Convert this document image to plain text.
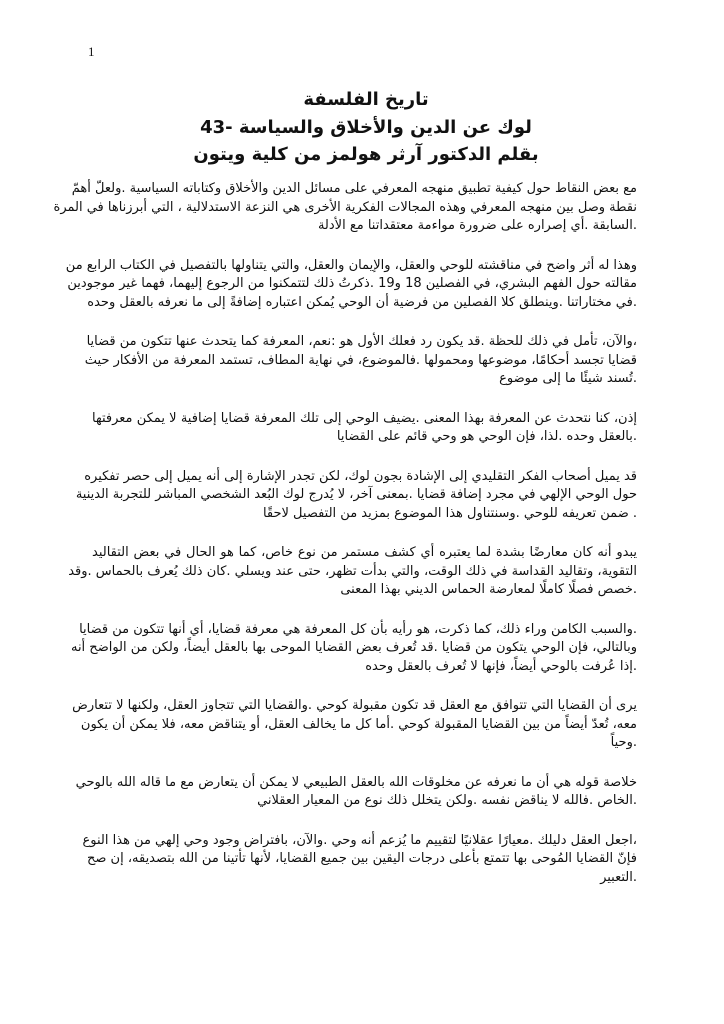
1
تاريخ الفلسفة
لوك عن الدين والأخلاق والسياسة -43
بقلم الدكتور آرثر هولمز من كلية ويتون
مع بعض النقاط حول كيفية تطبيق منهجه المعرفي على مسائل الدين والأخلاق وكتاباته السياسية .ولعلّ أهمّ
نقطة وصل بين منهجه المعرفي وهذه المجالات الفكرية الأخرى هي النزعة الاستدلالية ، التي أبرزناها في المرة
.السابقة .أي إصراره على ضرورة مواءمة معتقداتنا مع الأدلة
وهذا له أثر واضح في مناقشته للوحي والعقل، والإيمان والعقل، والتي يتناولها بالتفصيل في الكتاب الرابع من
مقالته حول الفهم البشري، في الفصلين 18 و19 .ذكرتُ ذلك لتتمكنوا من الرجوع إليهما، فهما غير موجودين
.في مختاراتنا .وينطلق كلا الفصلين من فرضية أن الوحي يُمكن اعتباره إضافةً إلى ما نعرفه بالعقل وحده
،والآن، تأمل في ذلك للحظة .قد يكون رد فعلك الأول هو :نعم، المعرفة كما يتحدث عنها تتكون من قضايا
قضايا تجسد أحكامًا، موضوعها ومحمولها .فالموضوع، في نهاية المطاف، تستمد المعرفة من الأفكار حيث
.تُسند شيئًا ما إلى موضوع
إذن، كنا نتحدث عن المعرفة بهذا المعنى .يضيف الوحي إلى تلك المعرفة قضايا إضافية لا يمكن معرفتها
.بالعقل وحده .لذا، فإن الوحي هو وحي قائم على القضايا
قد يميل أصحاب الفكر التقليدي إلى الإشادة بجون لوك، لكن تجدر الإشارة إلى أنه يميل إلى حصر تفكيره
حول الوحي الإلهي في مجرد إضافة قضايا .بمعنى آخر، لا يُدرج لوك البُعد الشخصي المباشر للتجربة الدينية
. ضمن تعريفه للوحي .وسنتناول هذا الموضوع بمزيد من التفصيل لاحقًا
يبدو أنه كان معارضًا بشدة لما يعتبره أي كشف مستمر من نوع خاص، كما هو الحال في بعض التقاليد
التقوية، وتقاليد القداسة في ذلك الوقت، والتي بدأت تظهر، حتى عند ويسلي .كان ذلك يُعرف بالحماس .وقد
.خصص فصلًا كاملًا لمعارضة الحماس الديني بهذا المعنى
.والسبب الكامن وراء ذلك، كما ذكرت، هو رأيه بأن كل المعرفة هي معرفة قضايا، أي أنها تتكون من قضايا
وبالتالي، فإن الوحي يتكون من قضايا .قد تُعرف بعض القضايا الموحى بها بالعقل أيضاً، ولكن من الواضح أنه
.إذا عُرفت بالوحي أيضاً، فإنها لا تُعرف بالعقل وحده
يرى أن القضايا التي تتوافق مع العقل قد تكون مقبولة كوحي .والقضايا التي تتجاوز العقل، ولكنها لا تتعارض
معه، تُعدّ أيضاً من بين القضايا المقبولة كوحي .أما كل ما يخالف العقل، أو يتناقض معه، فلا يمكن أن يكون
.وحياً
خلاصة قوله هي أن ما نعرفه عن مخلوقات الله بالعقل الطبيعي لا يمكن أن يتعارض مع ما قاله الله بالوحي
.الخاص .فالله لا يناقض نفسه .ولكن يتخلل ذلك نوع من المعيار العقلاني
،اجعل العقل دليلك .معيارًا عقلانيًا لتقييم ما يُزعم أنه وحي .والآن، بافتراض وجود وحي إلهي من هذا النوع
فإنّ القضايا المُوحى بها تتمتع بأعلى درجات اليقين بين جميع القضايا، لأنها تأتينا من الله بتصديقه، إن صح
.التعبير
